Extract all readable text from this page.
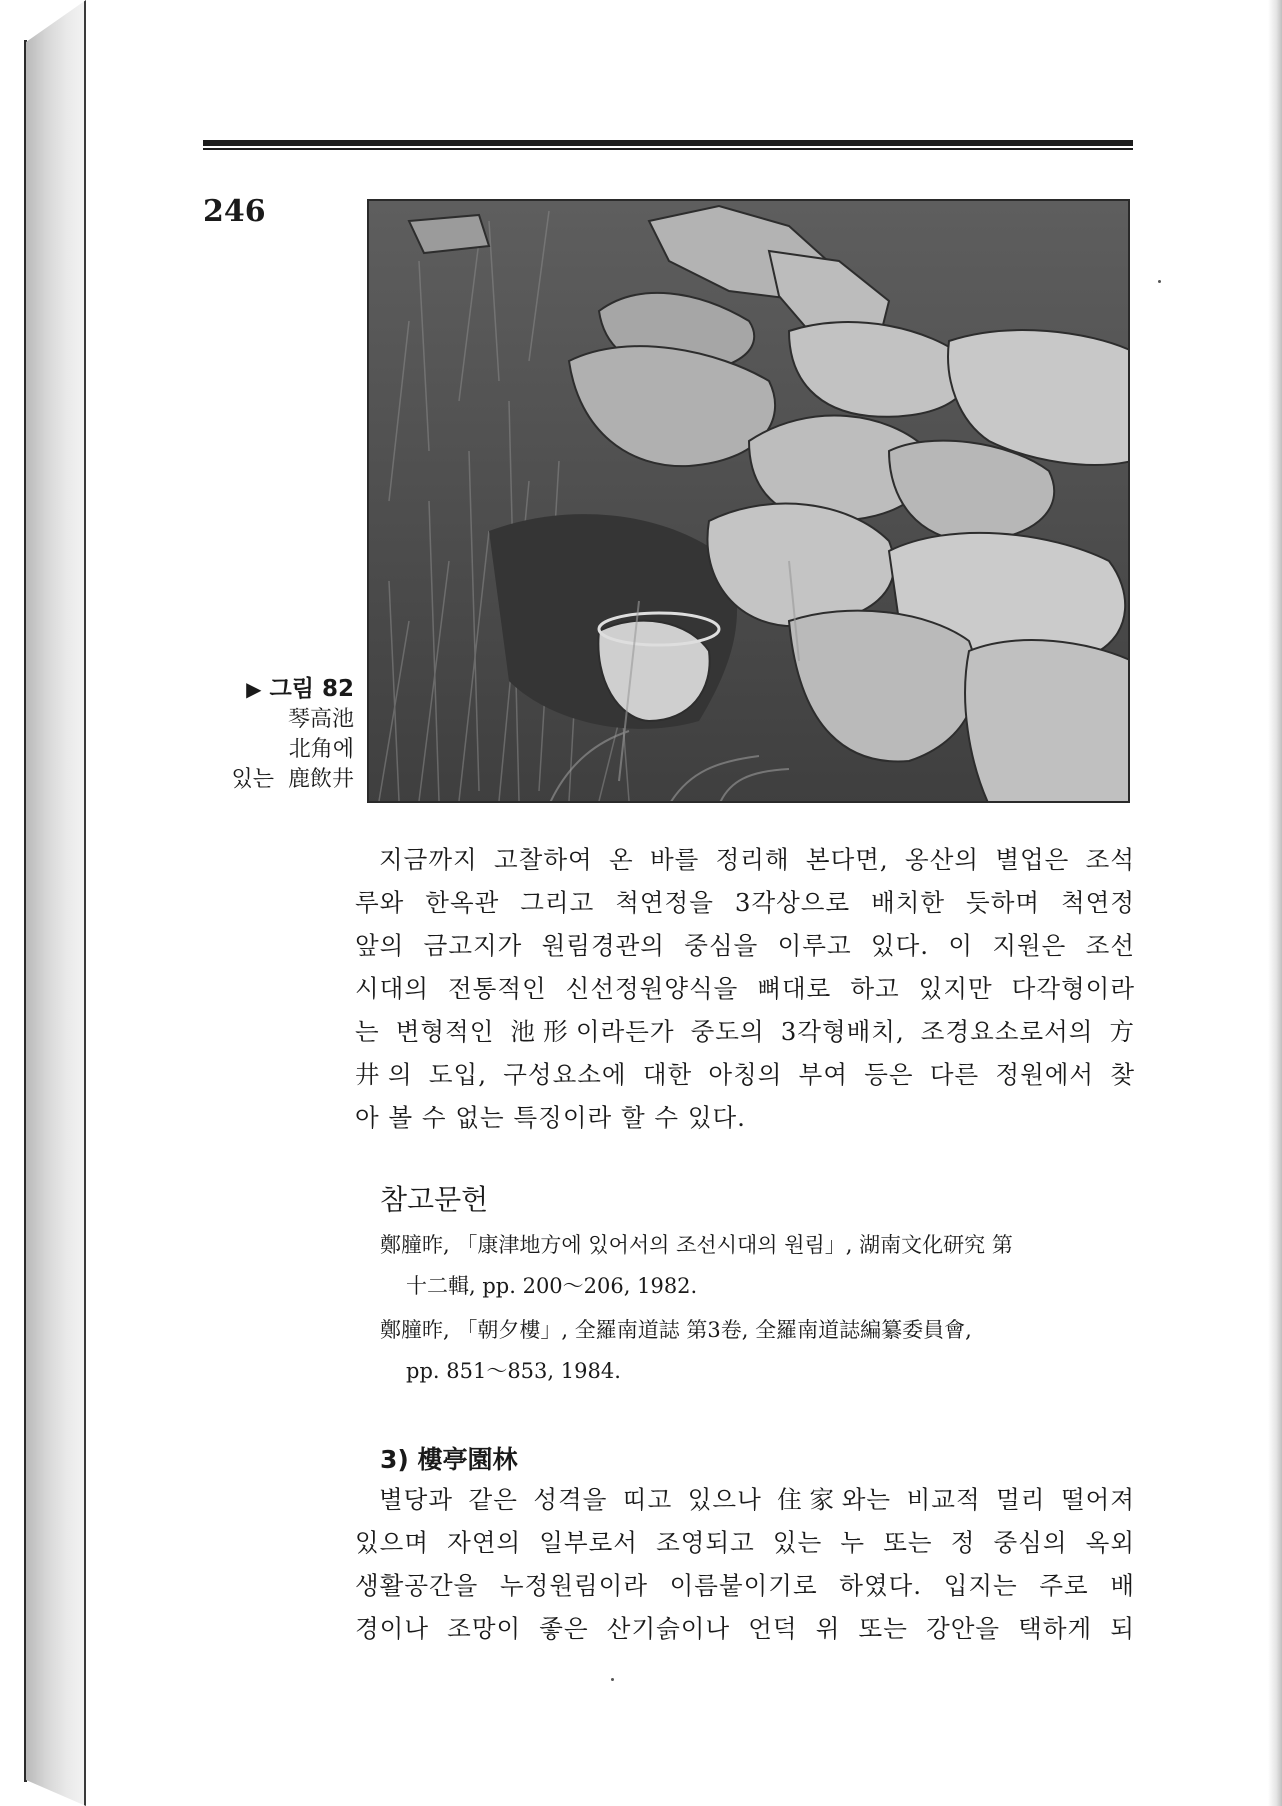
246
▶ 그림 82
琴高池
北角에
있는  鹿飲井
지금까지 고찰하여 온 바를 정리해 본다면, 옹산의 별업은 조석
루와 한옥관 그리고 척연정을 3각상으로 배치한 듯하며 척연정
앞의 금고지가 원림경관의 중심을 이루고 있다. 이 지원은 조선
시대의 전통적인 신선정원양식을 뼈대로 하고 있지만 다각형이라
는 변형적인 池形이라든가 중도의 3각형배치, 조경요소로서의 方
井의 도입, 구성요소에 대한 아칭의 부여 등은 다른 정원에서 찾
아 볼 수 없는 특징이라 할 수 있다.
참고문헌
鄭膧昨, 「康津地方에 있어서의 조선시대의 원림」, 湖南文化研究 第
十二輯, pp. 200～206, 1982.
鄭膧昨, 「朝夕樓」, 全羅南道誌 第3卷, 全羅南道誌編纂委員會,
pp. 851～853, 1984.
3) 樓亭園林
별당과 같은 성격을 띠고 있으나 住家와는 비교적 멀리 떨어져
있으며 자연의 일부로서 조영되고 있는 누 또는 정 중심의 옥외
생활공간을 누정원림이라 이름붙이기로 하였다. 입지는 주로 배
경이나 조망이 좋은 산기슭이나 언덕 위 또는 강안을 택하게 되
